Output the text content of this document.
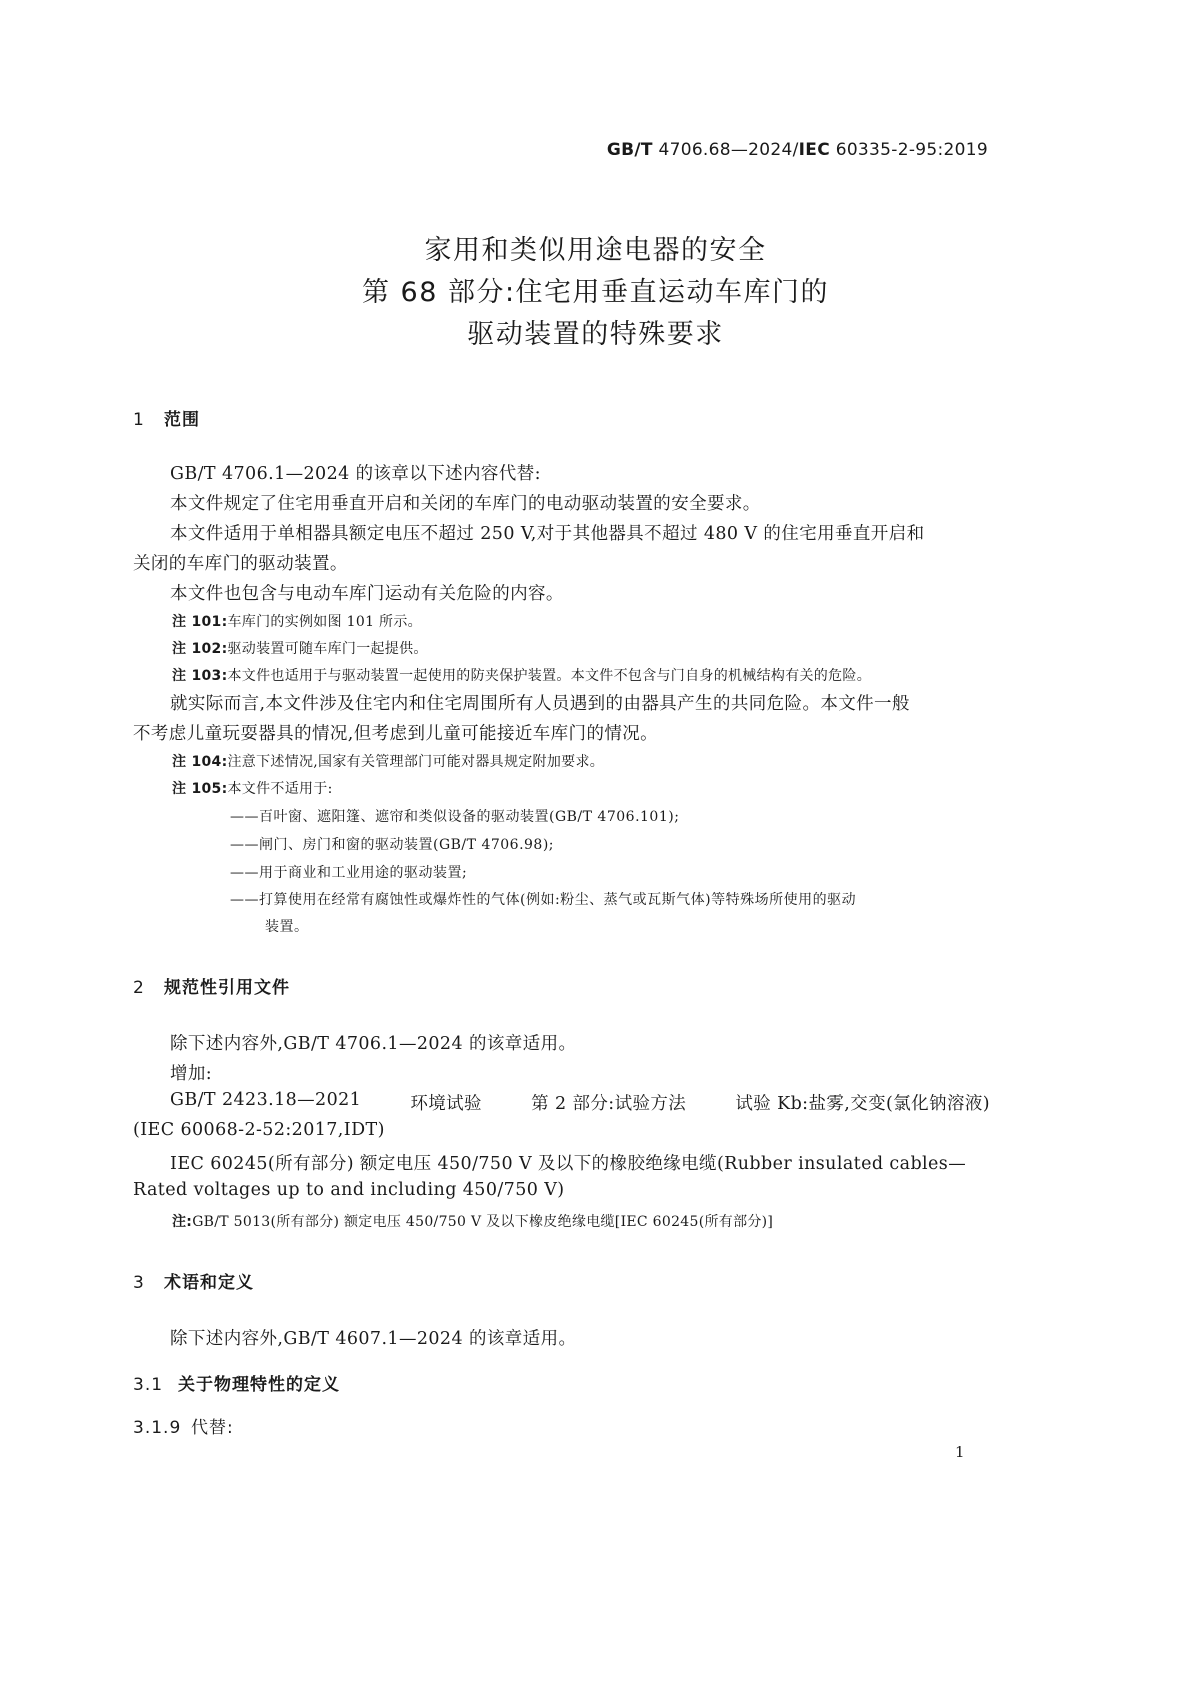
GB/T 4706.68—2024/IEC 60335-2-95:2019
家用和类似用途电器的安全
第 68 部分:住宅用垂直运动车库门的
驱动装置的特殊要求
1 范围
GB/T 4706.1—2024 的该章以下述内容代替:
本文件规定了住宅用垂直开启和关闭的车库门的电动驱动装置的安全要求。
本文件适用于单相器具额定电压不超过 250 V,对于其他器具不超过 480 V 的住宅用垂直开启和
关闭的车库门的驱动装置。
本文件也包含与电动车库门运动有关危险的内容。
注 101:车库门的实例如图 101 所示。
注 102:驱动装置可随车库门一起提供。
注 103:本文件也适用于与驱动装置一起使用的防夹保护装置。本文件不包含与门自身的机械结构有关的危险。
就实际而言,本文件涉及住宅内和住宅周围所有人员遇到的由器具产生的共同危险。本文件一般
不考虑儿童玩耍器具的情况,但考虑到儿童可能接近车库门的情况。
注 104:注意下述情况,国家有关管理部门可能对器具规定附加要求。
注 105:本文件不适用于:
——百叶窗、遮阳篷、遮帘和类似设备的驱动装置(GB/T 4706.101);
——闸门、房门和窗的驱动装置(GB/T 4706.98);
——用于商业和工业用途的驱动装置;
——打算使用在经常有腐蚀性或爆炸性的气体(例如:粉尘、蒸气或瓦斯气体)等特殊场所使用的驱动
装置。
2 规范性引用文件
除下述内容外,GB/T 4706.1—2024 的该章适用。
增加:
GB/T 2423.18—2021	环境试验	第 2 部分:试验方法	试验 Kb:盐雾,交变(氯化钠溶液)
(IEC 60068-2-52:2017,IDT)
IEC 60245(所有部分) 额定电压 450/750 V 及以下的橡胶绝缘电缆(Rubber insulated cables—
Rated voltages up to and including 450/750 V)
注:GB/T 5013(所有部分) 额定电压 450/750 V 及以下橡皮绝缘电缆[IEC 60245(所有部分)]
3 术语和定义
除下述内容外,GB/T 4607.1—2024 的该章适用。
3.1 关于物理特性的定义
3.1.9 代替:
1
